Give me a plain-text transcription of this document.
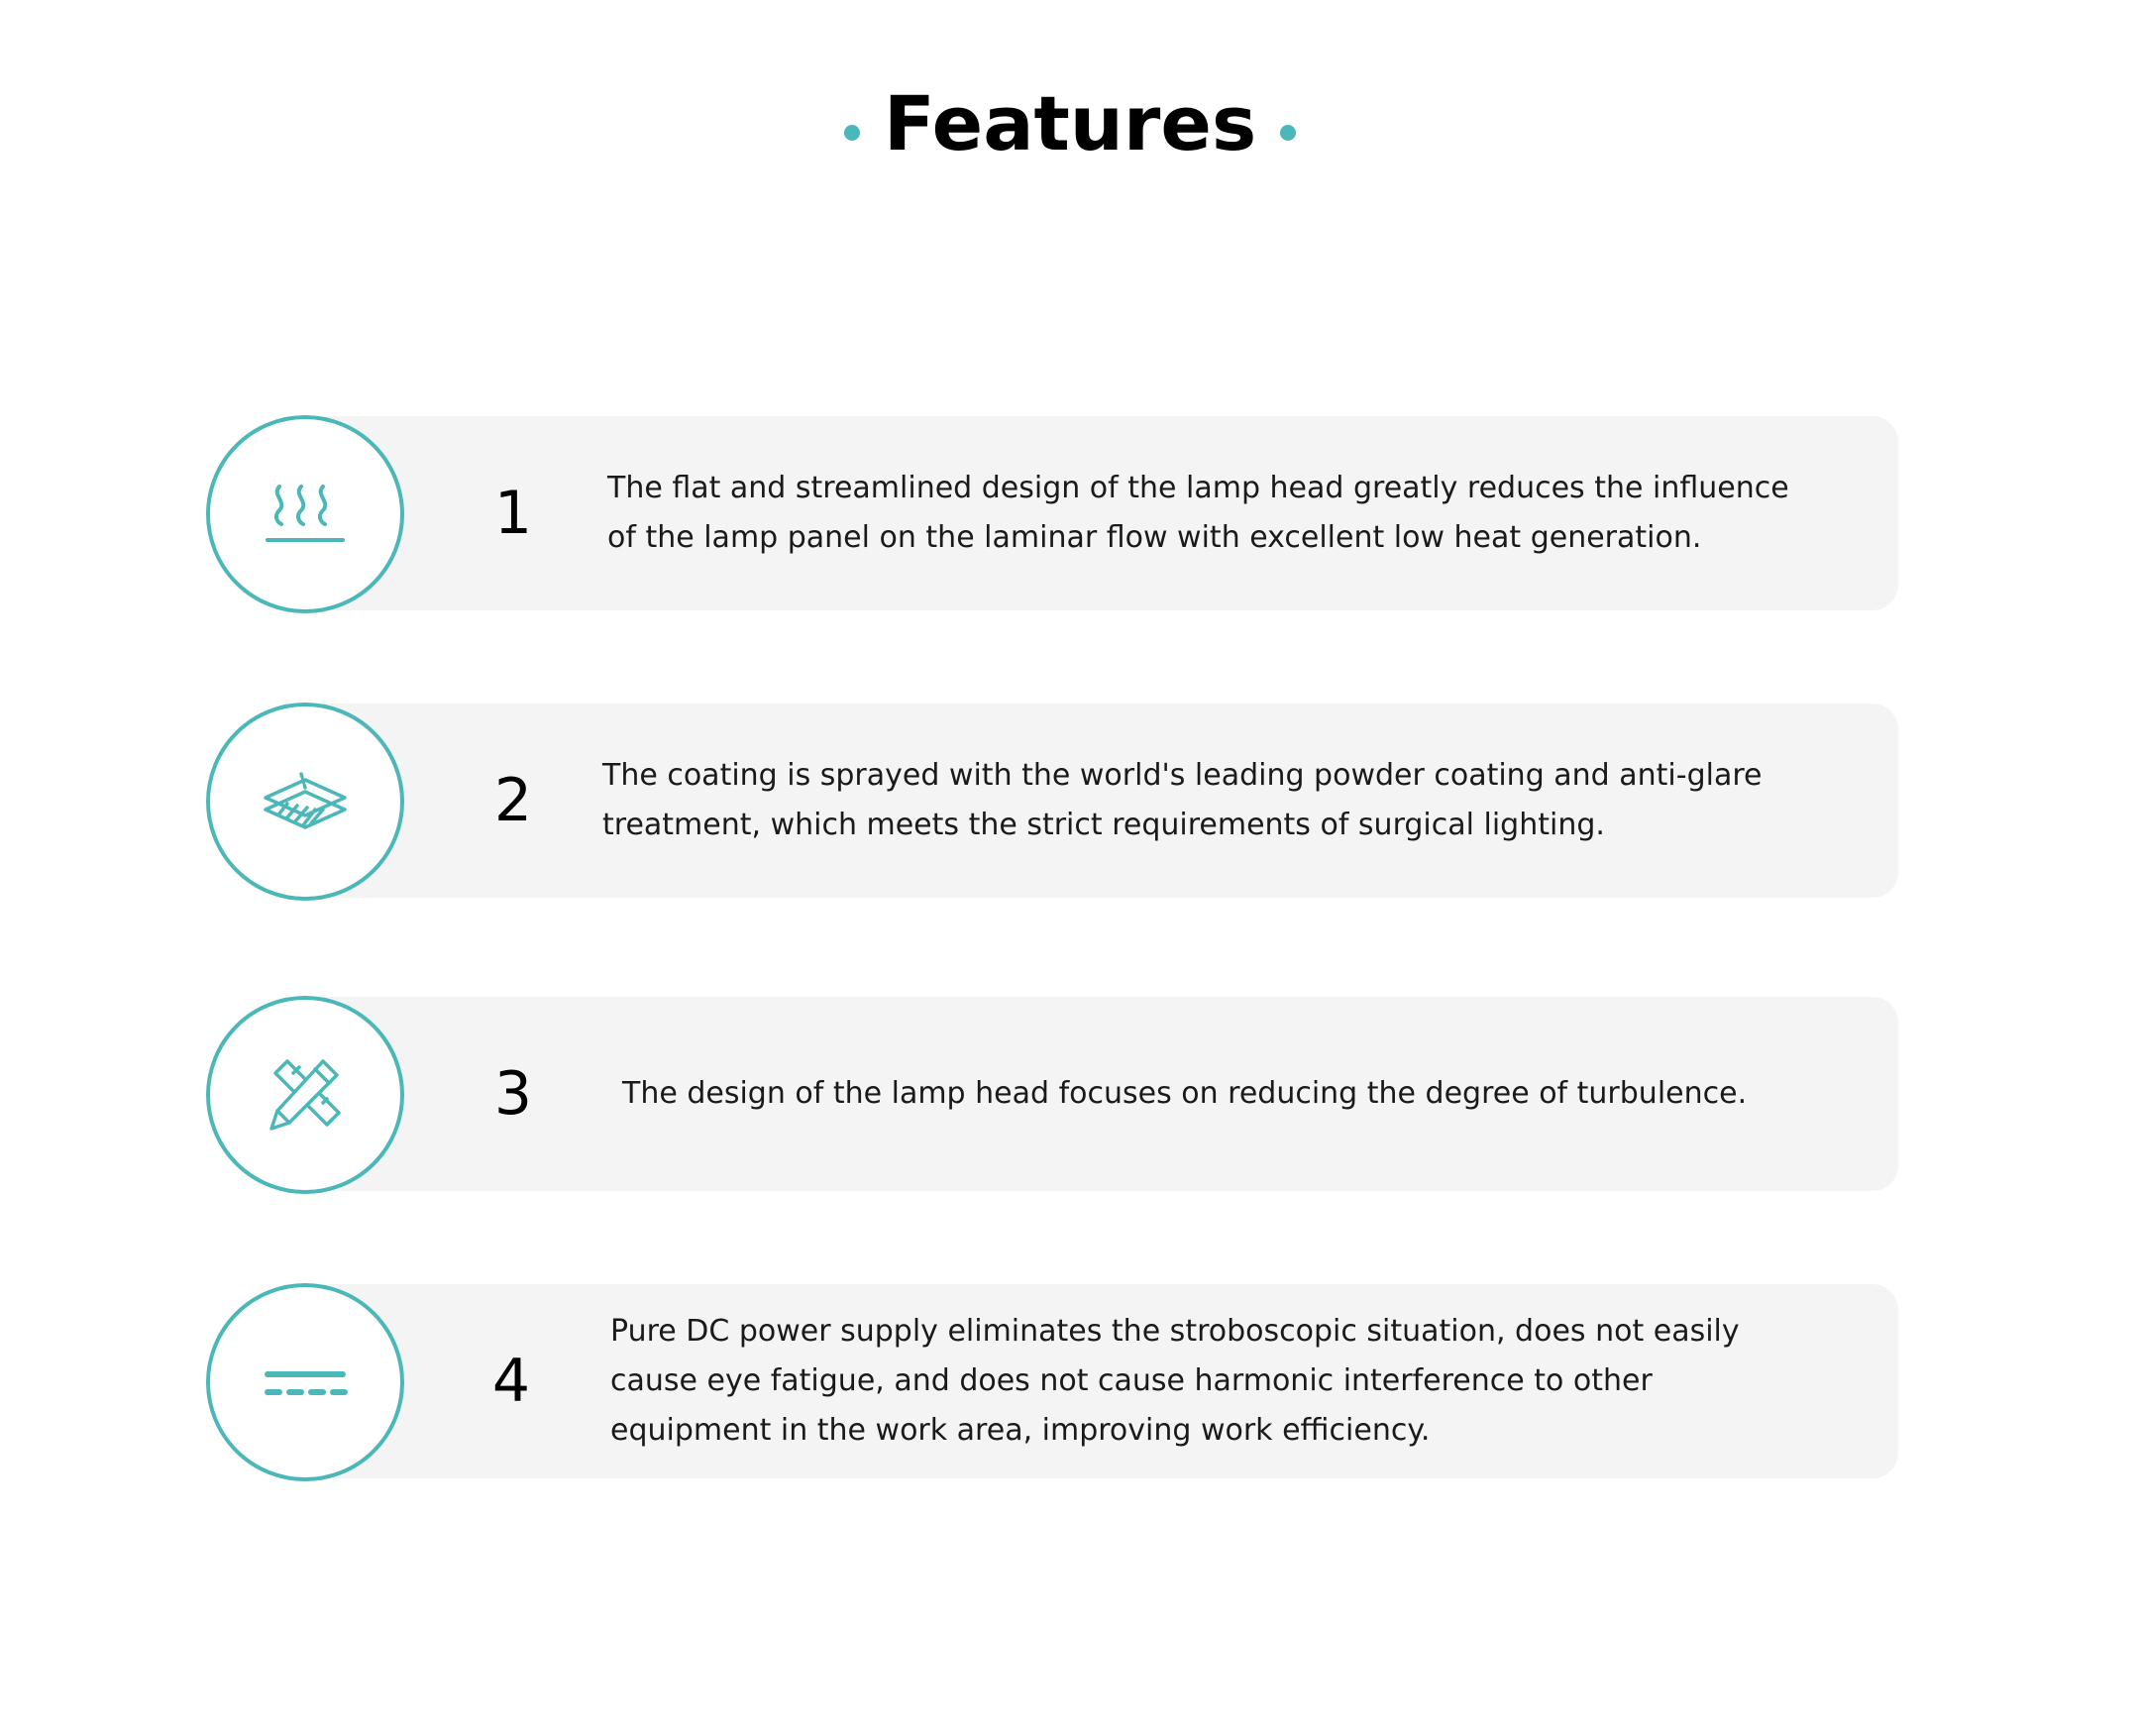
Features
1	The flat and streamlined design of the lamp head greatly reduces the influence of the lamp panel on the laminar flow with excellent low heat generation.
2	The coating is sprayed with the world's leading powder coating and anti-glare treatment, which meets the strict requirements of surgical lighting.
3	The design of the lamp head focuses on reducing the degree of turbulence.
4
Pure DC power supply eliminates the stroboscopic situation, does not easily cause eye fatigue, and does not cause harmonic interference to other equipment in the work area, improving work efficiency.
